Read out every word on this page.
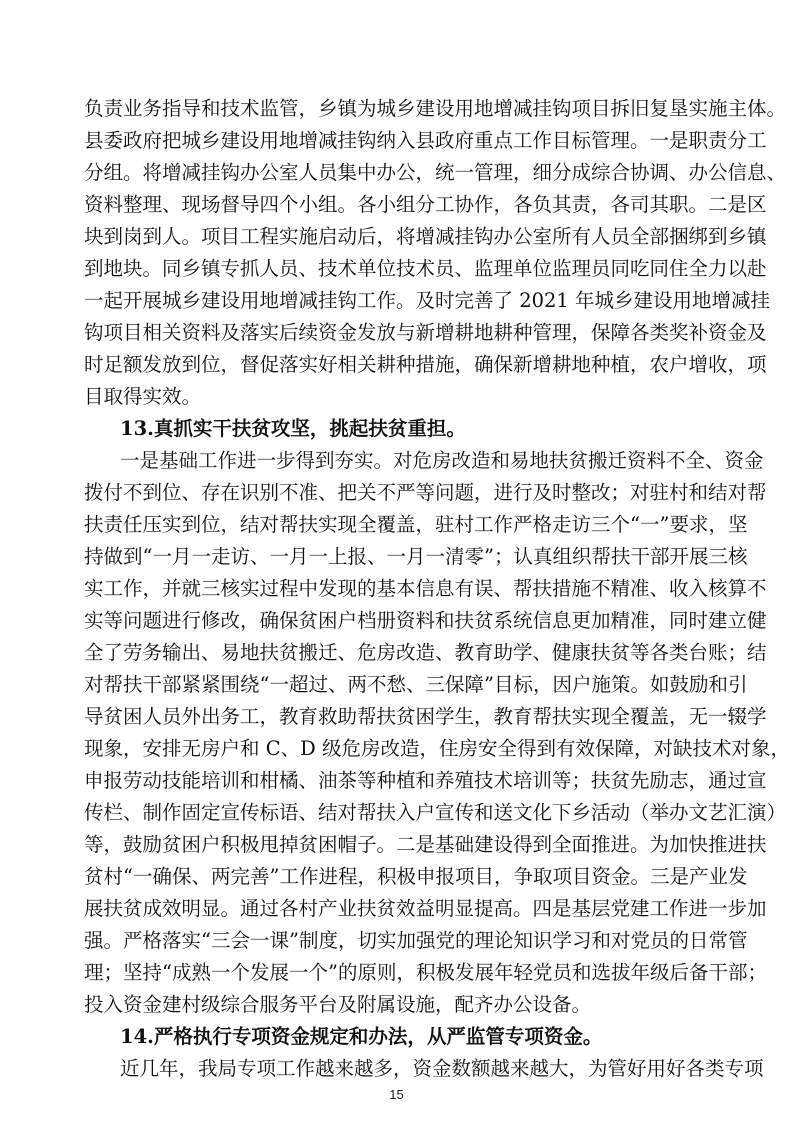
负责业务指导和技术监管，乡镇为城乡建设用地增减挂钩项目拆旧复垦实施主体。
县委政府把城乡建设用地增减挂钩纳入县政府重点工作目标管理。一是职责分工
分组。将增减挂钩办公室人员集中办公，统一管理，细分成综合协调、办公信息、
资料整理、现场督导四个小组。各小组分工协作，各负其责，各司其职。二是区
块到岗到人。项目工程实施启动后，将增减挂钩办公室所有人员全部捆绑到乡镇
到地块。同乡镇专抓人员、技术单位技术员、监理单位监理员同吃同住全力以赴
一起开展城乡建设用地增减挂钩工作。及时完善了 2021 年城乡建设用地增减挂
钩项目相关资料及落实后续资金发放与新增耕地耕种管理，保障各类奖补资金及
时足额发放到位，督促落实好相关耕种措施，确保新增耕地种植，农户增收，项
目取得实效。
13.真抓实干扶贫攻坚，挑起扶贫重担。
一是基础工作进一步得到夯实。对危房改造和易地扶贫搬迁资料不全、资金
拨付不到位、存在识别不准、把关不严等问题，进行及时整改；对驻村和结对帮
扶责任压实到位，结对帮扶实现全覆盖，驻村工作严格走访三个“一”要求，坚
持做到“一月一走访、一月一上报、一月一清零”；认真组织帮扶干部开展三核
实工作，并就三核实过程中发现的基本信息有误、帮扶措施不精准、收入核算不
实等问题进行修改，确保贫困户档册资料和扶贫系统信息更加精准，同时建立健
全了劳务输出、易地扶贫搬迁、危房改造、教育助学、健康扶贫等各类台账；结
对帮扶干部紧紧围绕“一超过、两不愁、三保障”目标，因户施策。如鼓励和引
导贫困人员外出务工，教育救助帮扶贫困学生，教育帮扶实现全覆盖，无一辍学
现象，安排无房户和 C、D 级危房改造，住房安全得到有效保障，对缺技术对象，
申报劳动技能培训和柑橘、油茶等种植和养殖技术培训等；扶贫先励志，通过宣
传栏、制作固定宣传标语、结对帮扶入户宣传和送文化下乡活动（举办文艺汇演）
等，鼓励贫困户积极甩掉贫困帽子。二是基础建设得到全面推进。为加快推进扶
贫村“一确保、两完善”工作进程，积极申报项目，争取项目资金。三是产业发
展扶贫成效明显。通过各村产业扶贫效益明显提高。四是基层党建工作进一步加
强。严格落实“三会一课”制度，切实加强党的理论知识学习和对党员的日常管
理；坚持“成熟一个发展一个”的原则，积极发展年轻党员和选拔年级后备干部；
投入资金建村级综合服务平台及附属设施，配齐办公设备。
14.严格执行专项资金规定和办法，从严监管专项资金。
近几年，我局专项工作越来越多，资金数额越来越大，为管好用好各类专项
15
